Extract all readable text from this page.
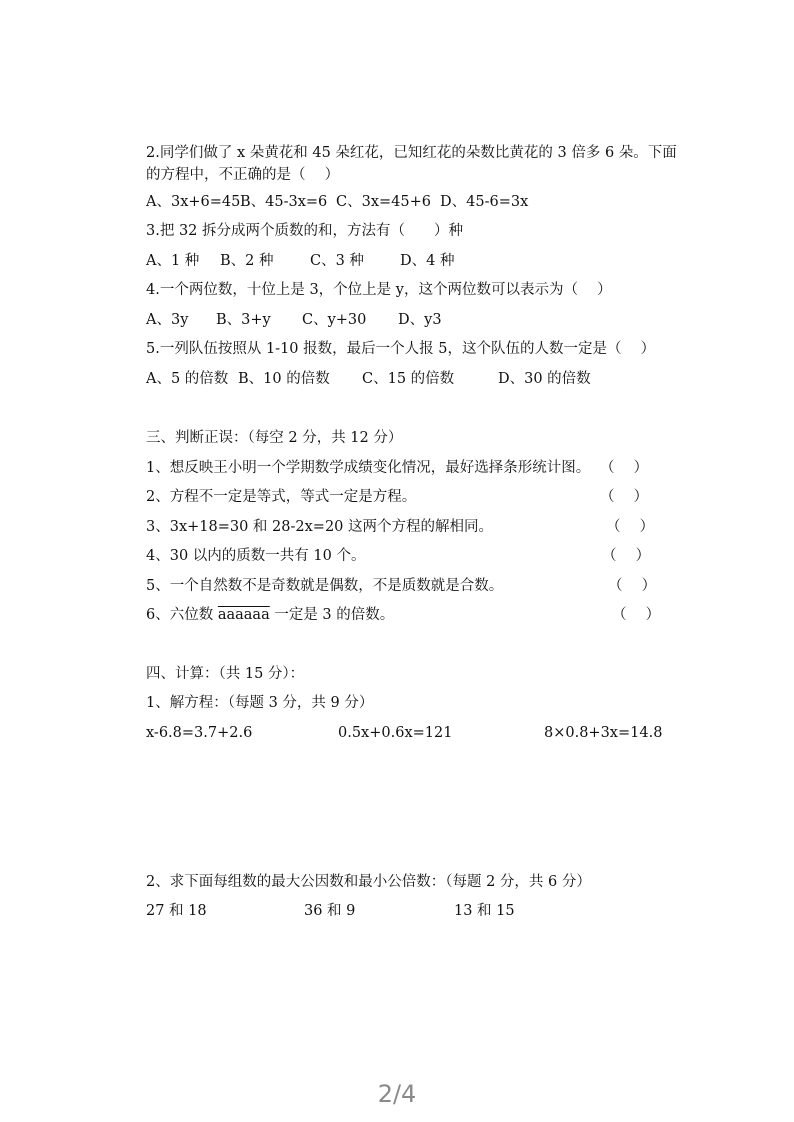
2.同学们做了 x 朵黄花和 45 朵红花，已知红花的朵数比黄花的 3 倍多 6 朵。下面
的方程中，不正确的是（　 ）
A、3x+6=45 B、45-3x=6 C、3x=45+6 D、45-6=3x
3.把 32 拆分成两个质数的和，方法有（　　）种
A、1 种 B、2 种	C、3 种 D、4 种
4.一个两位数，十位上是 3，个位上是 y，这个两位数可以表示为（　 ）
A、3y B、3+y C、y+30 D、y3
5.一列队伍按照从 1-10 报数，最后一个人报 5，这个队伍的人数一定是（　 ）
A、5 的倍数 B、10 的倍数 C、15 的倍数	D、30 的倍数
三、判断正误：（每空 2 分，共 12 分）
1、想反映王小明一个学期数学成绩变化情况，最好选择条形统计图。 （　 ）
2、方程不一定是等式，等式一定是方程。	（　 ）
3、3x+18=30 和 28-2x=20 这两个方程的解相同。	（　 ）
4、30 以内的质数一共有 10 个。	（　 ）
5、一个自然数不是奇数就是偶数，不是质数就是合数。	（　 ）
6、六位数 aaaaaa 一定是 3 的倍数。	（　 ）
四、计算：（共 15 分）：
1、解方程：（每题 3 分，共 9 分）
x-6.8=3.7+2.6	0.5x+0.6x=121	8×0.8+3x=14.8
2、求下面每组数的最大公因数和最小公倍数：（每题 2 分，共 6 分）
27 和 18	36 和 9	13 和 15
2/4
